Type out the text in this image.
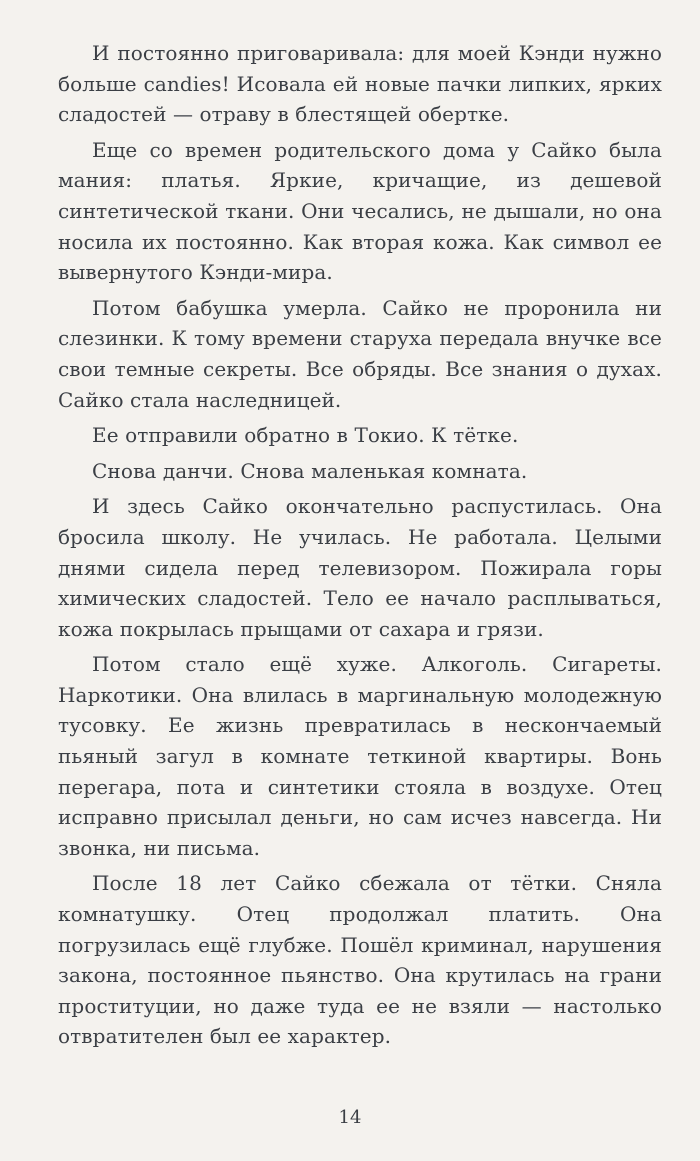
И постоянно приговаривала: для моей Кэнди нужно больше candies! Исовала ей новые пачки липких, ярких сладостей — отраву в блестящей обертке.

Еще со времен родительского дома у Сайко была мания: платья. Яркие, кричащие, из дешевой синтетической ткани. Они чесались, не дышали, но она носила их постоянно. Как вторая кожа. Как символ ее вывернутого Кэнди-мира.

Потом бабушка умерла. Сайко не проронила ни слезинки. К тому времени старуха передала внучке все свои темные секреты. Все обряды. Все знания о духах. Сайко стала наследницей.

Ее отправили обратно в Токио. К тётке.

Снова данчи. Снова маленькая комната.

И здесь Сайко окончательно распустилась. Она бросила школу. Не училась. Не работала. Целыми днями сидела перед телевизором. Пожирала горы химических сладостей. Тело ее начало расплываться, кожа покрылась прыщами от сахара и грязи.

Потом стало ещё хуже. Алкоголь. Сигареты. Наркотики. Она влилась в маргинальную молодежную тусовку. Ее жизнь превратилась в нескончаемый пьяный загул в комнате теткиной квартиры. Вонь перегара, пота и синтетики стояла в воздухе. Отец исправно присылал деньги, но сам исчез навсегда. Ни звонка, ни письма.

После 18 лет Сайко сбежала от тётки. Сняла комнатушку. Отец продолжал платить. Она погрузилась ещё глубже. Пошёл криминал, нарушения закона, постоянное пьянство. Она крутилась на грани проституции, но даже туда ее не взяли — настолько отвратителен был ее характер.

14
